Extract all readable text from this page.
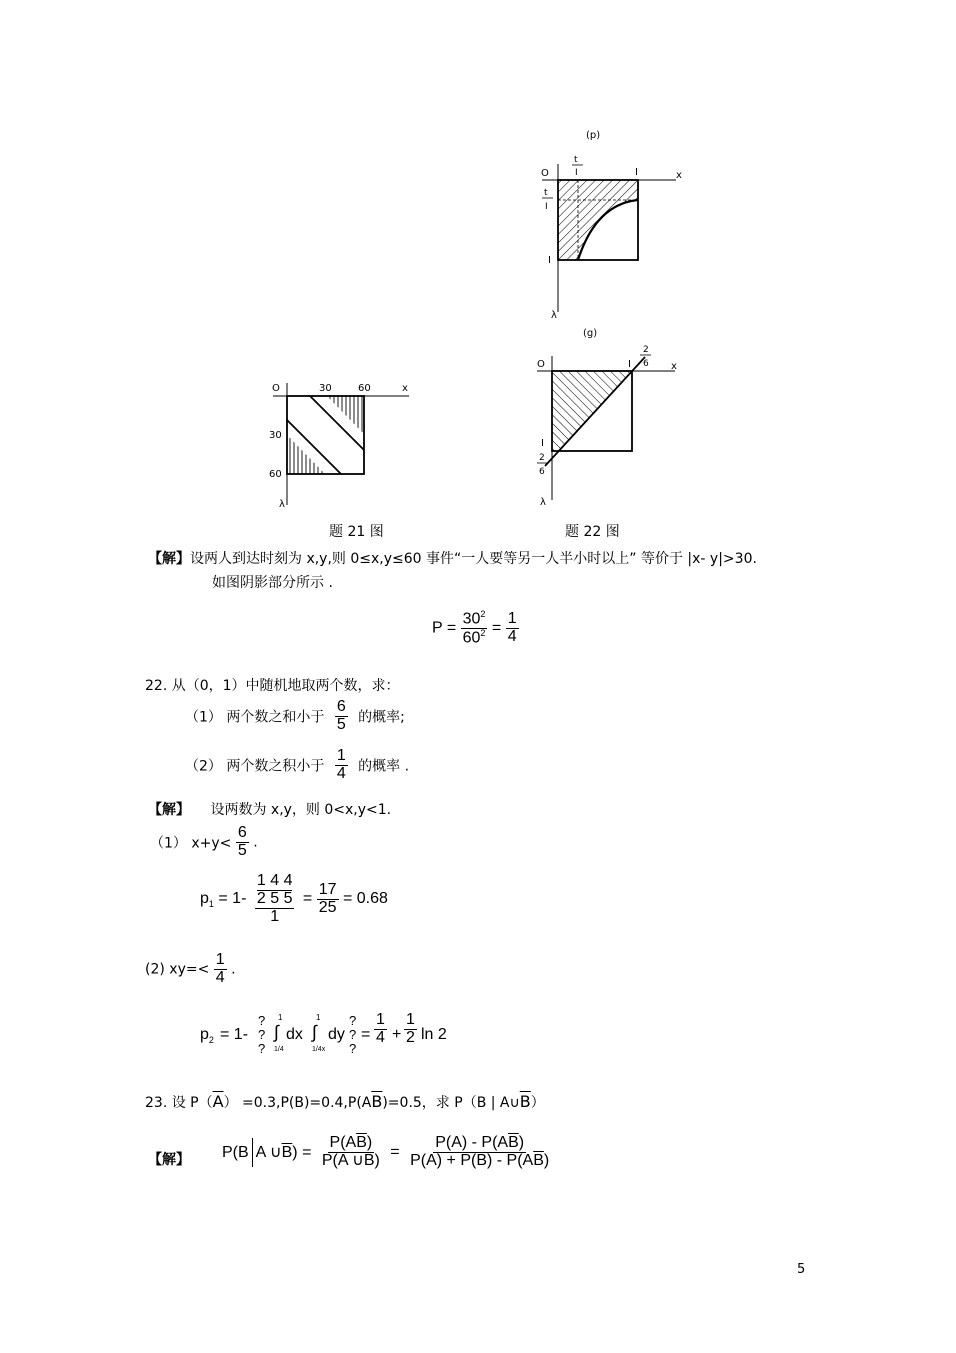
(p)
O
t
I	I	x
t
I
I
λ
(g)
O	I
2
6 x
I
2
6
λ
O	30	60	x
30
60
λ
题 21 图	题 22 图
【解】设两人到达时刻为 x,y,则 0≤x,y≤60 事件“一人要等另一人半小时以上” 等价于 |x- y|>30.
如图阴影部分所示 .
$P = \frac{30^2}{60^2} = \frac{1}{4}$
22. 从（0，1）中随机地取两个数，求：
（1） 两个数之和小于 $\frac{6}{5}$ 的概率;
（2） 两个数之积小于 $\frac{1}{4}$ 的概率 .
【解】 设两数为 x,y，则 0<x,y<1.
（1） $x+y< \frac{6}{5}$ .
$p_1 = 1-$ 1 4 4
2 5 5
$1 = \frac{17}{25} = 0.68$
(2) $xy=< \frac{1}{4}$ .
$p_2 = 1-$
?
?
?
1
∫
1/4
dx
1
∫
1/4x
dy
?
?
?
= $\frac{1}{4} + \frac{1}{2}$ ln 2
23. 设 $P(\overline{A}) =0.3,P(B)=0.4,P(A\overline{B})=0.5$，求 P（B | $A\cup\overline{B}$）
【解】 P(B A $\cup\overline{B}) = \frac{P(A\overline{B})}{P(A \cup B)} = \frac{P(A) - P(A\overline{B})}{P(A) + P(B) - P(A\overline{B})}$
5
